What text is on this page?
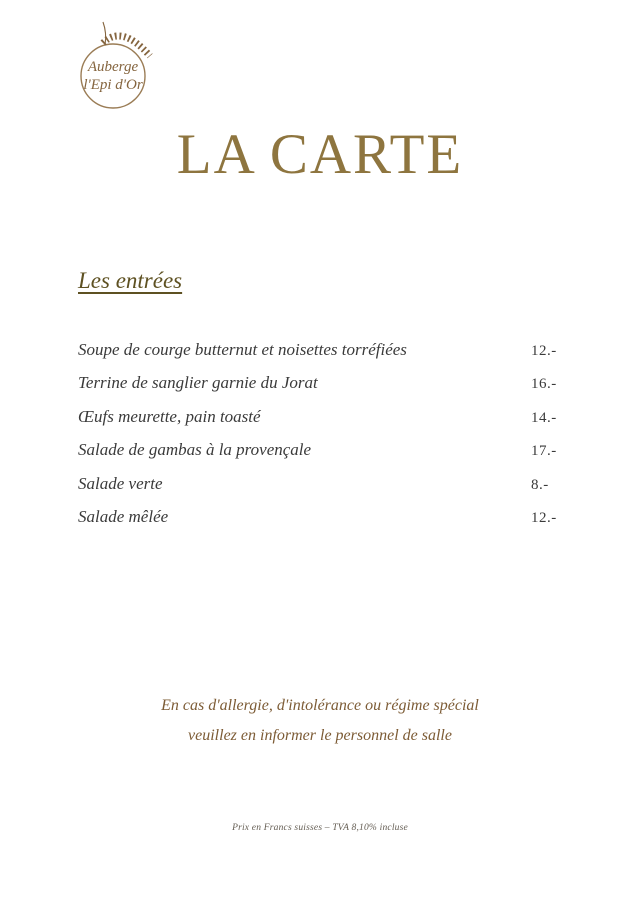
Auberge
l'Epi d'Or
LA CARTE
Les entrées
Soupe de courge butternut et noisettes torréfiées	12.-
Terrine de sanglier garnie du Jorat	16.-
Œufs meurette, pain toasté	14.-
Salade de gambas à la provençale	17.-
Salade verte	8.-
Salade mêlée	12.-
En cas d'allergie, d'intolérance ou régime spécial
veuillez en informer le personnel de salle
Prix en Francs suisses – TVA 8,10% incluse
